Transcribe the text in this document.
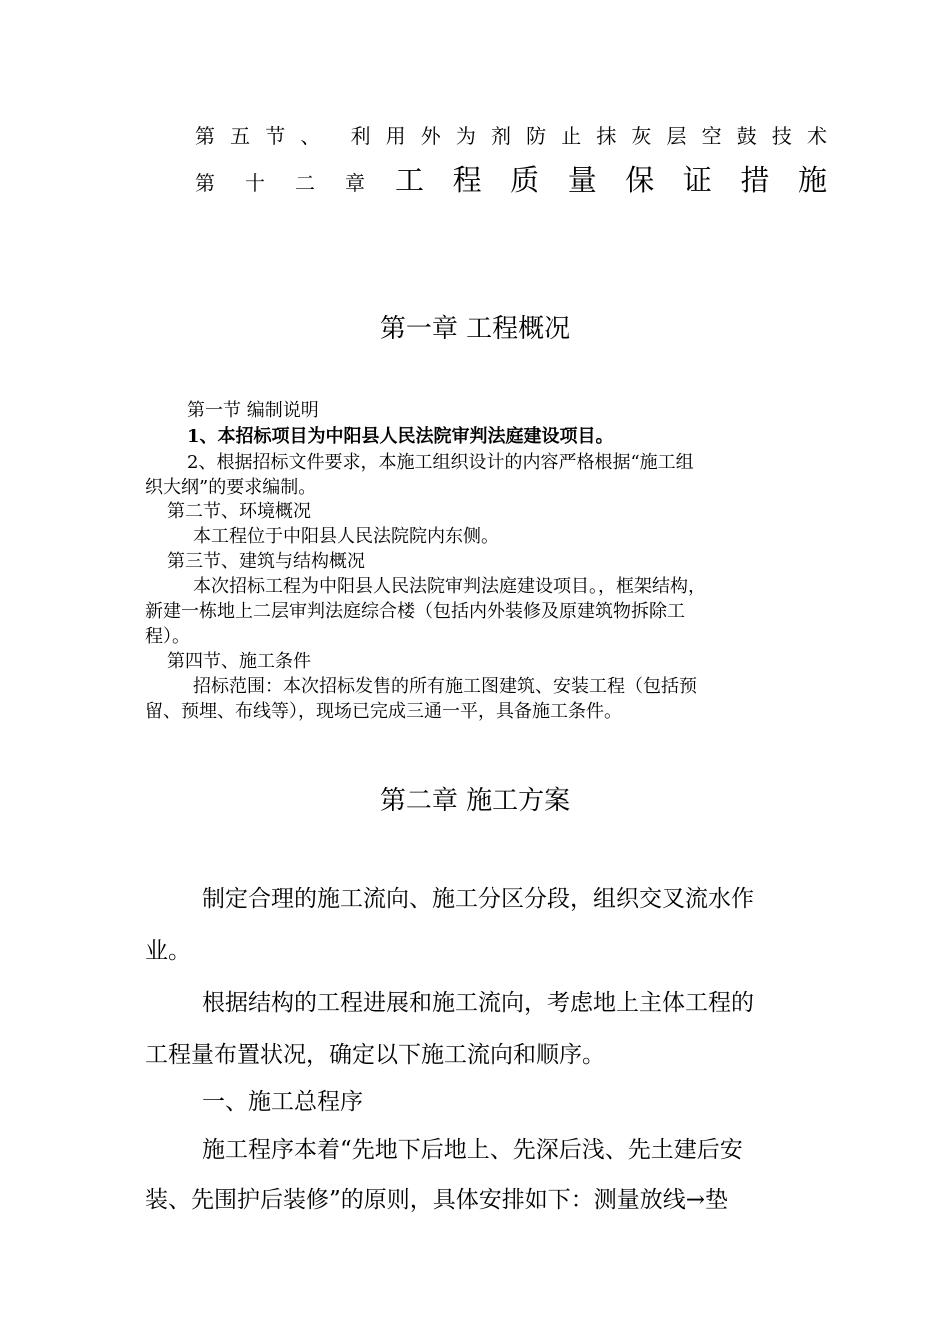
第 五 节 、 利 用 外 为 剂 防 止 抹 灰 层 空 鼓 技 术
第 十 二 章 工 程 质 量 保 证 措 施
第一章 工程概况
第一节 编制说明
1、本招标项目为中阳县人民法院审判法庭建设项目。
2、根据招标文件要求，本施工组织设计的内容严格根据“施工组
织大纲”的要求编制。
第二节、环境概况
本工程位于中阳县人民法院院内东侧。
第三节、建筑与结构概况
本次招标工程为中阳县人民法院审判法庭建设项目。，框架结构，
新建一栋地上二层审判法庭综合楼（包括内外装修及原建筑物拆除工
程）。
第四节、施工条件
招标范围：本次招标发售的所有施工图建筑、安装工程（包括预
留、预埋、布线等），现场已完成三通一平，具备施工条件。
第二章 施工方案
制定合理的施工流向、施工分区分段，组织交叉流水作
业。
根据结构的工程进展和施工流向，考虑地上主体工程的
工程量布置状况，确定以下施工流向和顺序。
一、施工总程序
施工程序本着“先地下后地上、先深后浅、先土建后安
装、先围护后装修”的原则，具体安排如下：测量放线→垫
